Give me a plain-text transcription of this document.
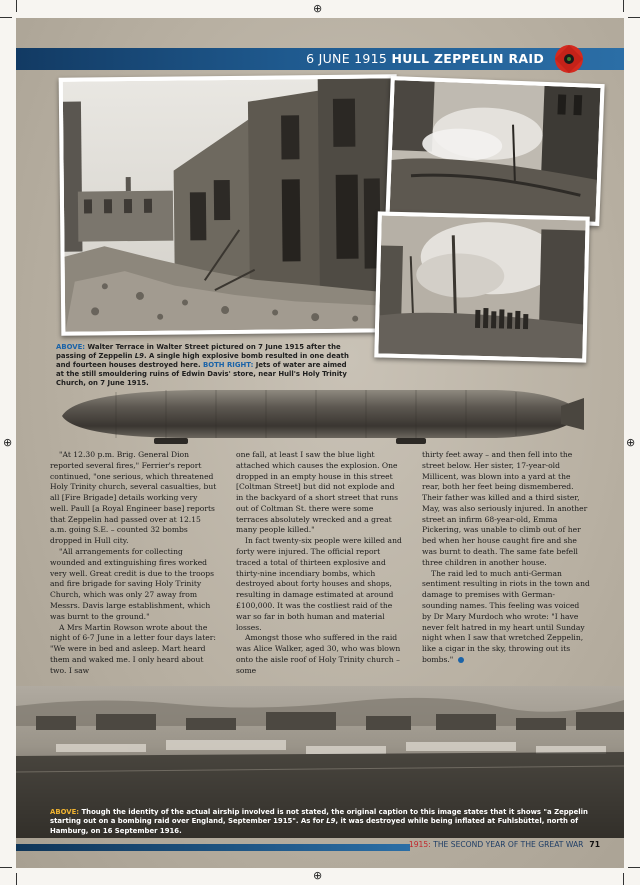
⊕
⊕
⊕	⊕
6 JUNE 1915 HULL ZEPPELIN RAID
ABOVE: Walter Terrace in Walter Street pictured on 7 June 1915 after the passing of Zeppelin L9. A single high explosive bomb resulted in one death and fourteen houses destroyed here. BOTH RIGHT: Jets of water are aimed at the still smouldering ruins of Edwin Davis' store, near Hull's Holy Trinity Church, on 7 June 1915.

"At 12.30 p.m. Brig. General Dion reported several fires," Ferrier's report continued, "one serious, which threatened Holy Trinity church, several casualties, but all [Fire Brigade] details working very well. Paull [a Royal Engineer base] reports that Zeppelin had passed over at 12.15 a.m. going S.E. – counted 32 bombs dropped in Hull city.

"All arrangements for collecting wounded and extinguishing fires worked very well. Great credit is due to the troops and fire brigade for saving Holy Trinity Church, which was only 27 away from Messrs. Davis large establishment, which was burnt to the ground."

A Mrs Martin Rowson wrote about the night of 6-7 June in a letter four days later: "We were in bed and asleep. Mart heard them and waked me. I only heard about two. I saw

one fall, at least I saw the blue light attached which causes the explosion. One dropped in an empty house in this street [Coltman Street] but did not explode and in the backyard of a short street that runs out of Coltman St. there were some terraces absolutely wrecked and a great many people killed."

In fact twenty-six people were killed and forty were injured. The official report traced a total of thirteen explosive and thirty-nine incendiary bombs, which destroyed about forty houses and shops, resulting in damage estimated at around £100,000. It was the costliest raid of the war so far in both human and material losses.

Amongst those who suffered in the raid was Alice Walker, aged 30, who was blown onto the aisle roof of Holy Trinity church – some

thirty feet away – and then fell into the street below. Her sister, 17-year-old Millicent, was blown into a yard at the rear, both her feet being dismembered. Their father was killed and a third sister, May, was also seriously injured. In another street an infirm 68-year-old, Emma Pickering, was unable to climb out of her bed when her house caught fire and she was burnt to death. The same fate befell three children in another house.

The raid led to much anti-German sentiment resulting in riots in the town and damage to premises with German-sounding names. This feeling was voiced by Dr Mary Murdoch who wrote: "I have never felt hatred in my heart until Sunday night when I saw that wretched Zeppelin, like a cigar in the sky, throwing out its bombs."

ABOVE: Though the identity of the actual airship involved is not stated, the original caption to this image states that it shows "a Zeppelin starting out on a bombing raid over England, September 1915". As for L9, it was destroyed while being inflated at Fuhlsbüttel, north of Hamburg, on 16 September 1916.
1915: THE SECOND YEAR OF THE GREAT WAR 71
